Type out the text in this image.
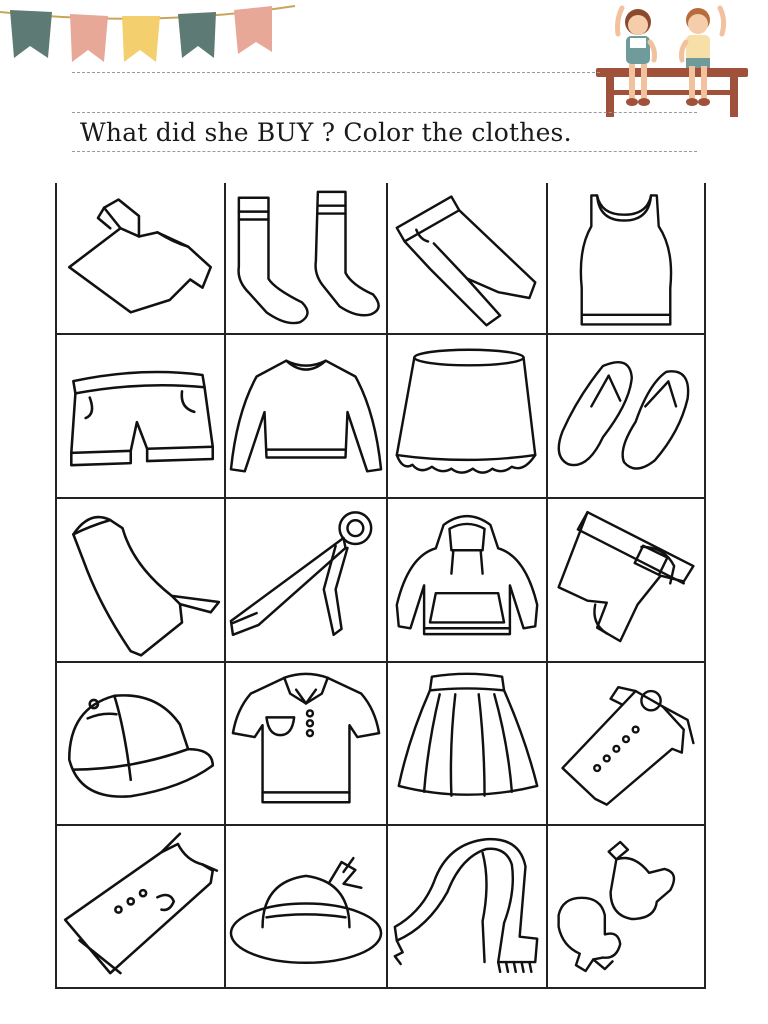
What did she BUY ? Color the clothes.
